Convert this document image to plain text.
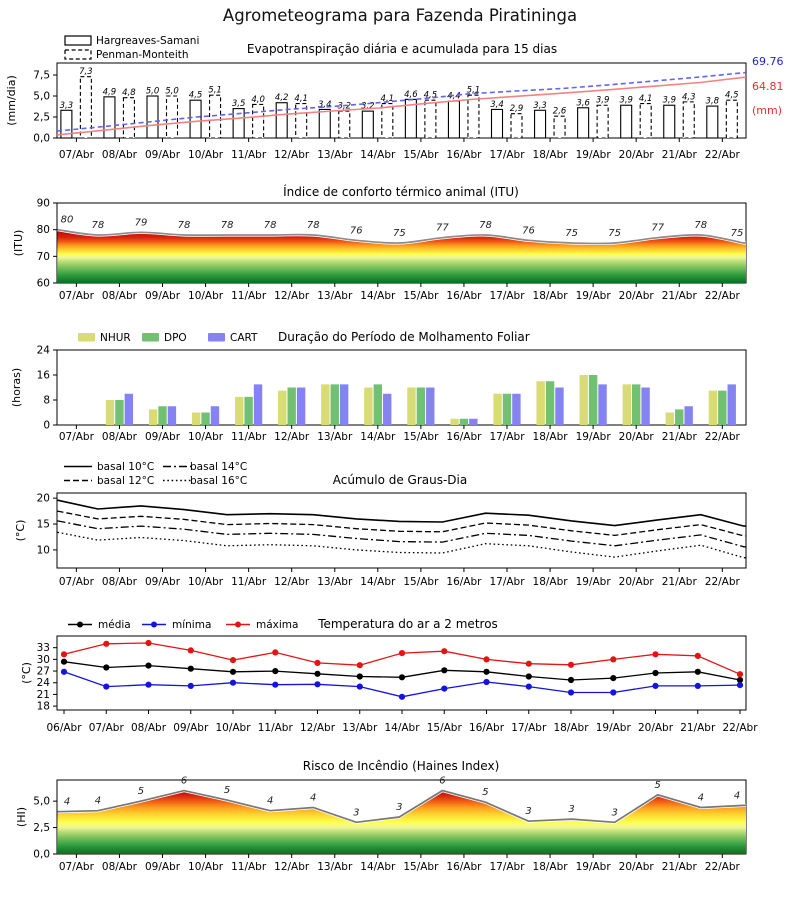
Agrometeograma para Fazenda Piratininga
0,0
2,5
5,0
7,5
07/Abr 08/Abr 09/Abr 10/Abr 11/Abr 12/Abr 13/Abr 14/Abr 15/Abr 16/Abr 17/Abr 18/Abr 19/Abr 20/Abr 21/Abr 22/Abr
(mm/dia)
Evapotranspiração diária e acumulada para 15 dias
Hargreaves-Samani
Penman-Monteith
3,3
7,3
4,9 4,8 5,0 5,0 4,5
5,1
3,5 4,0 4,2 4,1
3,4 3,2 3,2
4,1 4,6 4,5 4,4
5,1
3,4 2,9 3,3
2,6
3,6 3,9 3,9 4,1 3,9 4,3 3,8
4,5
69.76
64.81
(mm)
60
70
80
90
07/Abr 08/Abr 09/Abr 10/Abr 11/Abr 12/Abr 13/Abr 14/Abr 15/Abr 16/Abr 17/Abr 18/Abr 19/Abr 20/Abr 21/Abr 22/Abr
(ITU)
Índice de conforto térmico animal (ITU)
80 78	79	78	78	78	78	76	75	77	78	76	75	75	77	78
75
0
8
16
24
07/Abr 08/Abr 09/Abr 10/Abr 11/Abr 12/Abr 13/Abr 14/Abr 15/Abr 16/Abr 17/Abr 18/Abr 19/Abr 20/Abr 21/Abr 22/Abr
(horas)
Duração do Período de Molhamento Foliar
NHUR	DPO	CART
10
15
20
07/Abr 08/Abr 09/Abr 10/Abr 11/Abr 12/Abr 13/Abr 14/Abr 15/Abr 16/Abr 17/Abr 18/Abr 19/Abr 20/Abr 21/Abr 22/Abr
(°C)
Acúmulo de Graus-Dia
basal 10°C
basal 12°C
basal 14°C
basal 16°C
18
21
24
27
30
33
06/Abr 07/Abr 08/Abr 09/Abr 10/Abr 11/Abr 12/Abr 13/Abr 14/Abr 15/Abr 16/Abr 17/Abr 18/Abr 19/Abr 20/Abr 21/Abr 22/Abr
(°C)
Temperatura do ar a 2 metros
média	mínima	máxima
0,0
2,5
5,0
07/Abr 08/Abr 09/Abr 10/Abr 11/Abr 12/Abr 13/Abr 14/Abr 15/Abr 16/Abr 17/Abr 18/Abr 19/Abr 20/Abr 21/Abr 22/Abr
(HI)
Risco de Incêndio (Haines Index)
4 4
5
6
5
4	4
3	3
6
5
3	3	3
5
4	4
